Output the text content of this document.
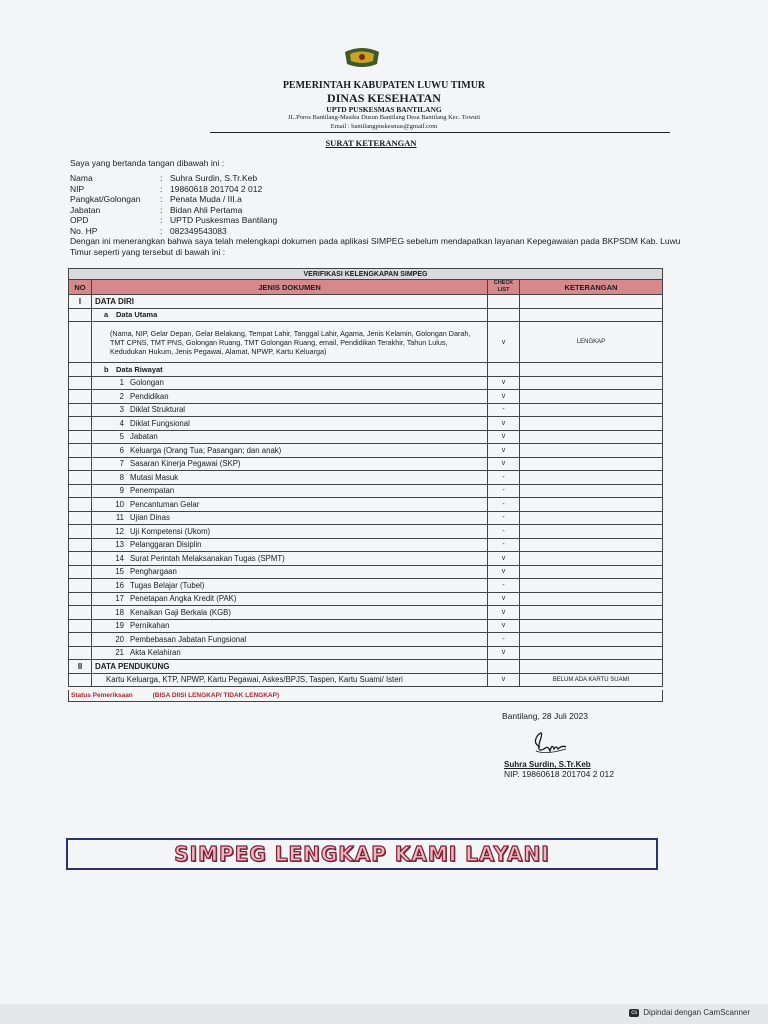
PEMERINTAH KABUPATEN LUWU TIMUR
DINAS KESEHATAN
UPTD PUSKESMAS BANTILANG
JL.Poros Bantilang-Masiku Dusun Bantilang Desa Bantilang Kec. Towuti
Email : bantilangpuskesmas@gmail.com
SURAT KETERANGAN
Saya yang bertanda tangan dibawah ini :
Nama	: Suhra Surdin, S.Tr.Keb
NIP	: 19860618 201704 2 012
Pangkat/Golongan	: Penata Muda / III.a
Jabatan	: Bidan Ahli Pertama
OPD	: UPTD Puskesmas Bantilang
No. HP	: 082349543083
Dengan ini menerangkan bahwa saya telah melengkapi dokumen pada aplikasi SIMPEG sebelum mendapatkan layanan Kepegawaian pada BKPSDM Kab. Luwu Timur seperti yang tersebut di bawah ini :
VERIFIKASI KELENGKAPAN SIMPEG			
NO	JENIS DOKUMEN	CHECK LIST	KETERANGAN
I	DATA DIRI		
	a Data Utama		
	(Nama, NIP, Gelar Depan, Gelar Belakang, Tempat Lahir, Tanggal Lahir, Agama, Jenis Kelamin, Golongan Darah, TMT CPNS, TMT PNS, Golongan Ruang, TMT Golongan Ruang, email, Pendidikan Terakhir, Tahun Lulus, Kedudukan Hukum, Jenis Pegawai, Alamat, NPWP, Kartu Keluarga)	v	LENGKAP
	b Data Riwayat		
	1 Golongan	v	
	2 Pendidikan	v	
	3 Diklat Struktural	-	
	4 Diklat Fungsional	v	
	5 Jabatan	v	
	6 Keluarga (Orang Tua; Pasangan; dan anak)	v	
	7 Sasaran Kinerja Pegawai (SKP)	v	
	8 Mutasi Masuk	-	
	9 Penempatan	-	
	10 Pencantuman Gelar	-	
	11 Ujian Dinas	-	
	12 Uji Kompetensi (Ukom)	-	
	13 Pelanggaran Disiplin	-	
	14 Surat Perintah Melaksanakan Tugas (SPMT)	v	
	15 Penghargaan	v	
	16 Tugas Belajar (Tubel)	-	
	17 Penetapan Angka Kredit (PAK)	v	
	18 Kenaikan Gaji Berkala (KGB)	v	
	19 Pernikahan	v	
	20 Pembebasan Jabatan Fungsional	-	
	21 Akta Kelahiran	v	
II	DATA PENDUKUNG		
	Kartu Keluarga, KTP, NPWP, Kartu Pegawai, Askes/BPJS, Taspen, Kartu Suami/ Isteri	v	BELUM ADA KARTU SUAMI
Status Pemeriksaan	(BISA DIISI LENGKAP/ TIDAK LENGKAP)
Bantilang, 28 Juli 2023
Suhra Surdin, S.Tr.Keb
NIP. 19860618 201704 2 012
SIMPEG LENGKAP KAMI LAYANI
cs Dipindai dengan CamScanner
